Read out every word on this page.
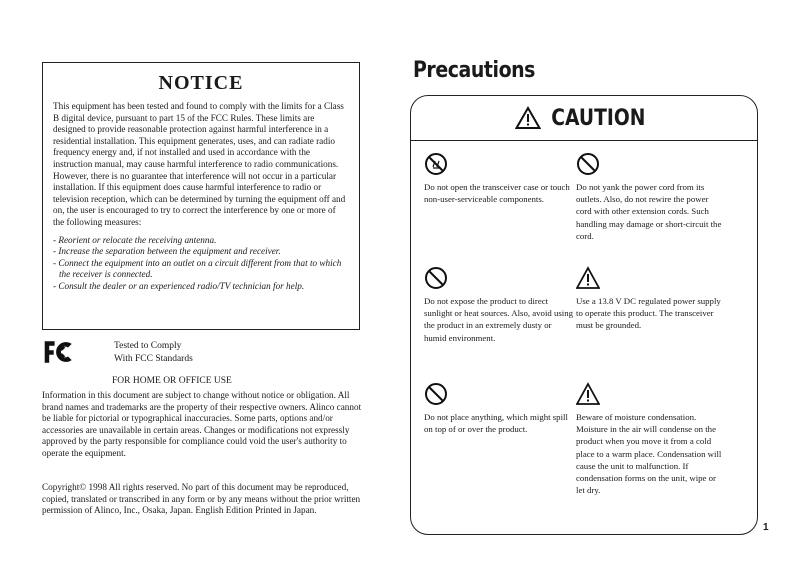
NOTICE

This equipment has been tested and found to comply with the limits for a Class B digital device, pursuant to part 15 of the FCC Rules. These limits are designed to provide reasonable protection against harmful interference in a residential installation. This equipment generates, uses, and can radiate radio frequency energy and, if not installed and used in accordance with the instruction manual, may cause harmful interference to radio communications. However, there is no guarantee that interference will not occur in a particular installation. If this equipment does cause harmful interference to radio or television reception, which can be determined by turning the equipment off and on, the user is encouraged to try to correct the interference by one or more of the following measures:

- Reorient or relocate the receiving antenna.
- Increase the separation between the equipment and receiver.
- Connect the equipment into an outlet on a circuit different from that to which the receiver is connected.
- Consult the dealer or an experienced radio/TV technician for help.
Tested to Comply
With FCC Standards
FOR HOME OR OFFICE USE

Information in this document are subject to change without notice or obligation. All brand names and trademarks are the property of their respective owners. Alinco cannot be liable for pictorial or typographical inaccuracies. Some parts, options and/or accessories are unavailable in certain areas. Changes or modifications not expressly approved by the party responsible for compliance could void the user's authority to operate the equipment.

Copyright© 1998 All rights reserved. No part of this document may be reproduced, copied, translated or transcribed in any form or by any means without the prior written permission of Alinco, Inc., Osaka, Japan. English Edition Printed in Japan.

Precautions
CAUTION

Do not open the transceiver case or touch non-user-serviceable components.

Do not yank the power cord from its outlets. Also, do not rewire the power cord with other extension cords. Such handling may damage or short-circuit the cord.

Do not expose the product to direct sunlight or heat sources. Also, avoid using the product in an extremely dusty or humid environment.

Use a 13.8 V DC regulated power supply to operate this product. The transceiver must be grounded.

Do not place anything, which might spill on top of or over the product.

Beware of moisture condensation. Moisture in the air will condense on the product when you move it from a cold place to a warm place. Condensation will cause the unit to malfunction. If condensation forms on the unit, wipe or let dry.

1
